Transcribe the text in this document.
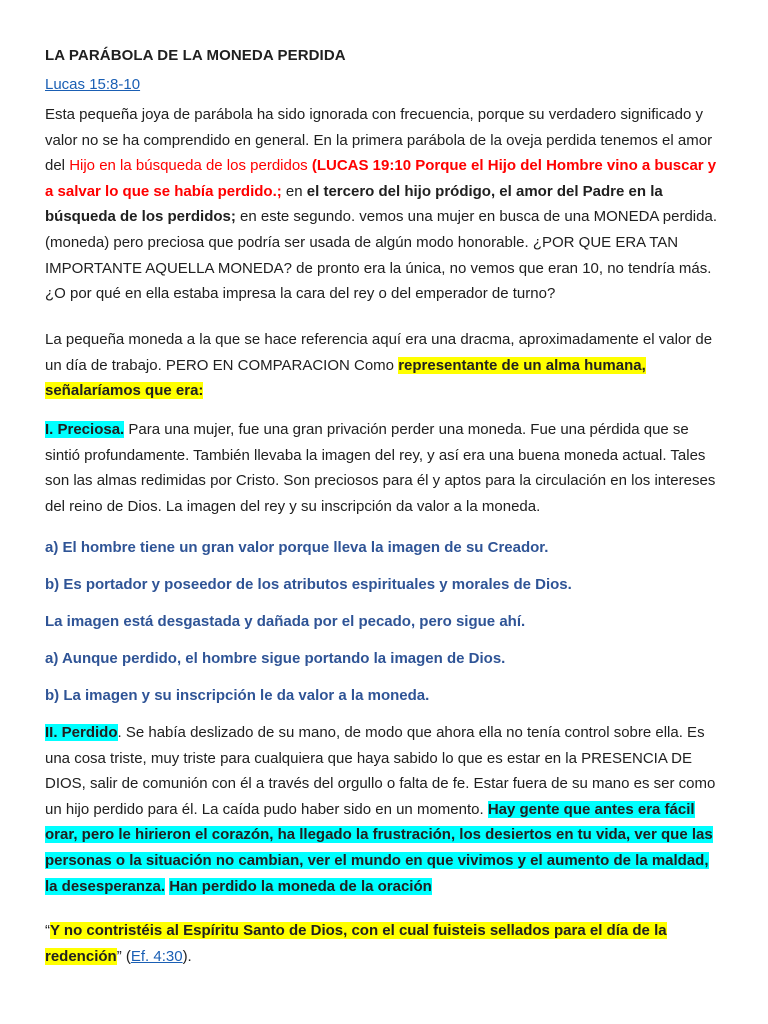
LA PARÁBOLA DE LA MONEDA PERDIDA
Lucas 15:8-10

Esta pequeña joya de parábola ha sido ignorada con frecuencia, porque su verdadero significado y valor no se ha comprendido en general. En la primera parábola de la oveja perdida tenemos el amor del Hijo en la búsqueda de los perdidos (LUCAS 19:10 Porque el Hijo del Hombre vino a buscar y a salvar lo que se había perdido.; en el tercero del hijo pródigo, el amor del Padre en la búsqueda de los perdidos; en este segundo. vemos una mujer en busca de una MONEDA perdida. (moneda) pero preciosa que podría ser usada de algún modo honorable. ¿POR QUE ERA TAN IMPORTANTE AQUELLA MONEDA? de pronto era la única, no vemos que eran 10, no tendría más. ¿O por qué en ella estaba impresa la cara del rey o del emperador de turno?

La pequeña moneda a la que se hace referencia aquí era una dracma, aproximadamente el valor de un día de trabajo. PERO EN COMPARACION Como representante de un alma humana, señalaríamos que era:

I. Preciosa. Para una mujer, fue una gran privación perder una moneda. Fue una pérdida que se sintió profundamente. También llevaba la imagen del rey, y así era una buena moneda actual. Tales son las almas redimidas por Cristo. Son preciosos para él y aptos para la circulación en los intereses del reino de Dios. La imagen del rey y su inscripción da valor a la moneda.

a) El hombre tiene un gran valor porque lleva la imagen de su Creador.

b) Es portador y poseedor de los atributos espirituales y morales de Dios.

La imagen está desgastada y dañada por el pecado, pero sigue ahí.

a) Aunque perdido, el hombre sigue portando la imagen de Dios.

b) La imagen y su inscripción le da valor a la moneda.

II. Perdido. Se había deslizado de su mano, de modo que ahora ella no tenía control sobre ella. Es una cosa triste, muy triste para cualquiera que haya sabido lo que es estar en la PRESENCIA DE DIOS, salir de comunión con él a través del orgullo o falta de fe. Estar fuera de su mano es ser como un hijo perdido para él. La caída pudo haber sido en un momento. Hay gente que antes era fácil orar, pero le hirieron el corazón, ha llegado la frustración, los desiertos en tu vida, ver que las personas o la situación no cambian, ver el mundo en que vivimos y el aumento de la maldad, la desesperanza. Han perdido la moneda de la oración

“Y no contristéis al Espíritu Santo de Dios, con el cual fuisteis sellados para el día de la redención” (Ef. 4:30).
